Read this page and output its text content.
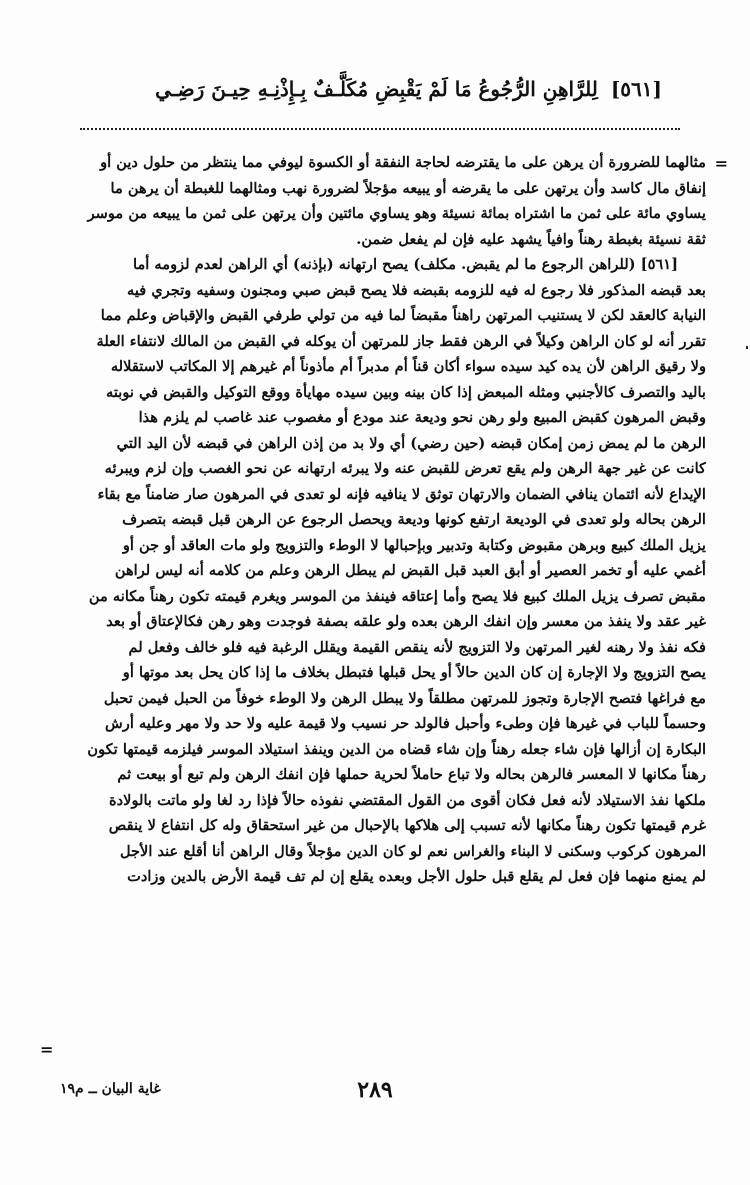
[٥٦١] لِلرَّاهِنِ الرُّجُوعُ مَا لَمْ يَقْبِضِ مُكَلَّـفٌ بِـإِذْنِـهِ حِيـنَ رَضِـي
=
مثالهما للضرورة أن يرهن على ما يقترضه لحاجة النفقة أو الكسوة ليوفي مما ينتظر من حلول دين أو
إنفاق مال كاسد وأن يرتهن على ما يقرضه أو يبيعه مؤجلاً لضرورة نهب ومثالهما للغبطة أن يرهن ما
يساوي مائة على ثمن ما اشتراه بمائة نسيئة وهو يساوي مائتين وأن يرتهن على ثمن ما يبيعه من موسر
ثقة نسيئة بغبطة رهناً وافياً يشهد عليه فإن لم يفعل ضمن.
[٥٦١] (للراهن الرجوع ما لم يقبض. مكلف) يصح ارتهانه (بإذنه) أي الراهن لعدم لزومه أما
بعد قبضه المذكور فلا رجوع له فيه للزومه بقبضه فلا يصح قبض صبي ومجنون وسفيه وتجري فيه
النيابة كالعقد لكن لا يستنيب المرتهن راهناً مقبضاً لما فيه من تولي طرفي القبض والإقباض وعلم مما
تقرر أنه لو كان الراهن وكيلاً في الرهن فقط جاز للمرتهن أن يوكله في القبض من المالك لانتفاء العلة
ولا رقيق الراهن لأن يده كيد سيده سواء أكان قناً أم مدبراً أم مأذوناً أم غيرهم إلا المكاتب لاستقلاله
باليد والتصرف كالأجنبي ومثله المبعض إذا كان بينه وبين سيده مهايأة ووقع التوكيل والقبض في نوبته
وقبض المرهون كقبض المبيع ولو رهن نحو وديعة عند مودع أو مغصوب عند غاصب لم يلزم هذا
الرهن ما لم يمض زمن إمكان قبضه (حين رضي) أي ولا بد من إذن الراهن في قبضه لأن اليد التي
كانت عن غير جهة الرهن ولم يقع تعرض للقبض عنه ولا يبرئه ارتهانه عن نحو الغصب وإن لزم ويبرئه
الإيداع لأنه ائتمان ينافي الضمان والارتهان توثق لا ينافيه فإنه لو تعدى في المرهون صار ضامناً مع بقاء
الرهن بحاله ولو تعدى في الوديعة ارتفع كونها وديعة ويحصل الرجوع عن الرهن قبل قبضه بتصرف
يزيل الملك كبيع وبرهن مقبوض وكتابة وتدبير وبإحبالها لا الوطء والتزويج ولو مات العاقد أو جن أو
أغمي عليه أو تخمر العصير أو أبق العبد قبل القبض لم يبطل الرهن وعلم من كلامه أنه ليس لراهن
مقبض تصرف يزيل الملك كبيع فلا يصح وأما إعتاقه فينفذ من الموسر ويغرم قيمته تكون رهناً مكانه من
غير عقد ولا ينفذ من معسر وإن انفك الرهن بعده ولو علقه بصفة فوجدت وهو رهن فكالإعتاق أو بعد
فكه نفذ ولا رهنه لغير المرتهن ولا التزويج لأنه ينقص القيمة ويقلل الرغبة فيه فلو خالف وفعل لم
يصح التزويج ولا الإجارة إن كان الدين حالاً أو يحل قبلها فتبطل بخلاف ما إذا كان يحل بعد موتها أو
مع فراغها فتصح الإجارة وتجوز للمرتهن مطلقاً ولا يبطل الرهن ولا الوطء خوفاً من الحبل فيمن تحبل
وحسماً للباب في غيرها فإن وطىء وأحبل فالولد حر نسيب ولا قيمة عليه ولا حد ولا مهر وعليه أرش
البكارة إن أزالها فإن شاء جعله رهناً وإن شاء قضاه من الدين وينفذ استيلاد الموسر فيلزمه قيمتها تكون
رهناً مكانها لا المعسر فالرهن بحاله ولا تباع حاملاً لحرية حملها فإن انفك الرهن ولم تبع أو بيعت ثم
ملكها نفذ الاستيلاد لأنه فعل فكان أقوى من القول المقتضي نفوذه حالاً فإذا رد لغا ولو ماتت بالولادة
غرم قيمتها تكون رهناً مكانها لأنه تسبب إلى هلاكها بالإحبال من غير استحقاق وله كل انتفاع لا ينقص
المرهون كركوب وسكنى لا البناء والغراس نعم لو كان الدين مؤجلاً وقال الراهن أنا أقلع عند الأجل
لم يمنع منهما فإن فعل لم يقلع قبل حلول الأجل وبعده يقلع إن لم تف قيمة الأرض بالدين وزادت
=
٢٨٩
غاية البيان ــ م١٩
